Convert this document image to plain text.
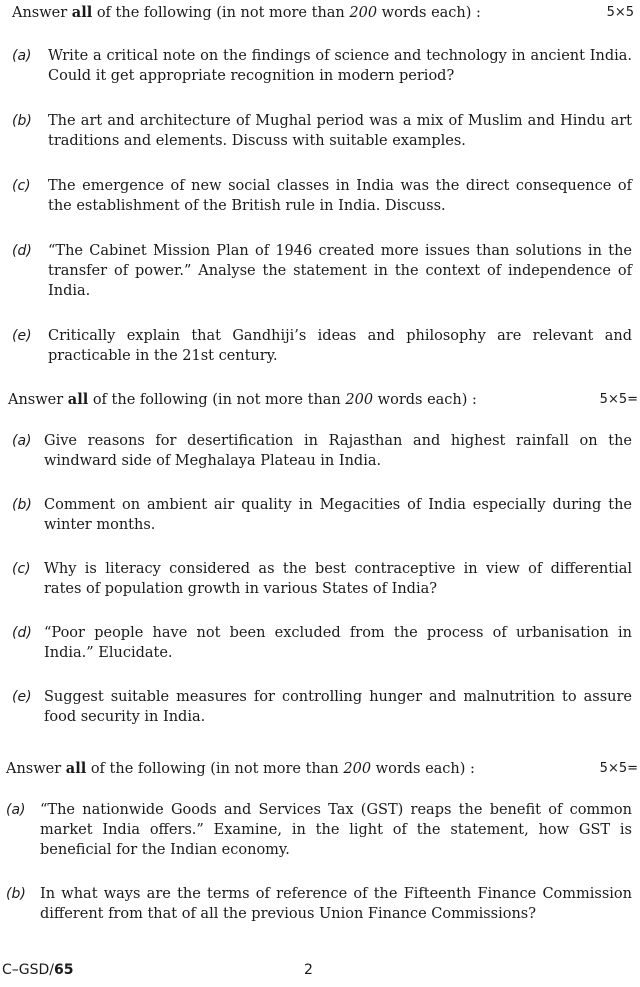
Answer all of the following (in not more than 200 words each) :	5×5
(a) Write a critical note on the findings of science and technology in ancient India. Could it get appropriate recognition in modern period?
(b) The art and architecture of Mughal period was a mix of Muslim and Hindu art traditions and elements. Discuss with suitable examples.
(c) The emergence of new social classes in India was the direct consequence of the establishment of the British rule in India. Discuss.
(d) “The Cabinet Mission Plan of 1946 created more issues than solutions in the transfer of power.” Analyse the statement in the context of independence of India.
(e) Critically explain that Gandhiji’s ideas and philosophy are relevant and practicable in the 21st century.
Answer all of the following (in not more than 200 words each) :	5×5=
(a) Give reasons for desertification in Rajasthan and highest rainfall on the windward side of Meghalaya Plateau in India.
(b) Comment on ambient air quality in Megacities of India especially during the winter months.
(c) Why is literacy considered as the best contraceptive in view of differential rates of population growth in various States of India?
(d) “Poor people have not been excluded from the process of urbanisation in India.” Elucidate.
(e) Suggest suitable measures for controlling hunger and malnutrition to assure food security in India.
Answer all of the following (in not more than 200 words each) :	5×5=
(a) “The nationwide Goods and Services Tax (GST) reaps the benefit of common market India offers.” Examine, in the light of the statement, how GST is beneficial for the Indian economy.
(b) In what ways are the terms of reference of the Fifteenth Finance Commission different from that of all the previous Union Finance Commissions?
C–GSD/65	2
